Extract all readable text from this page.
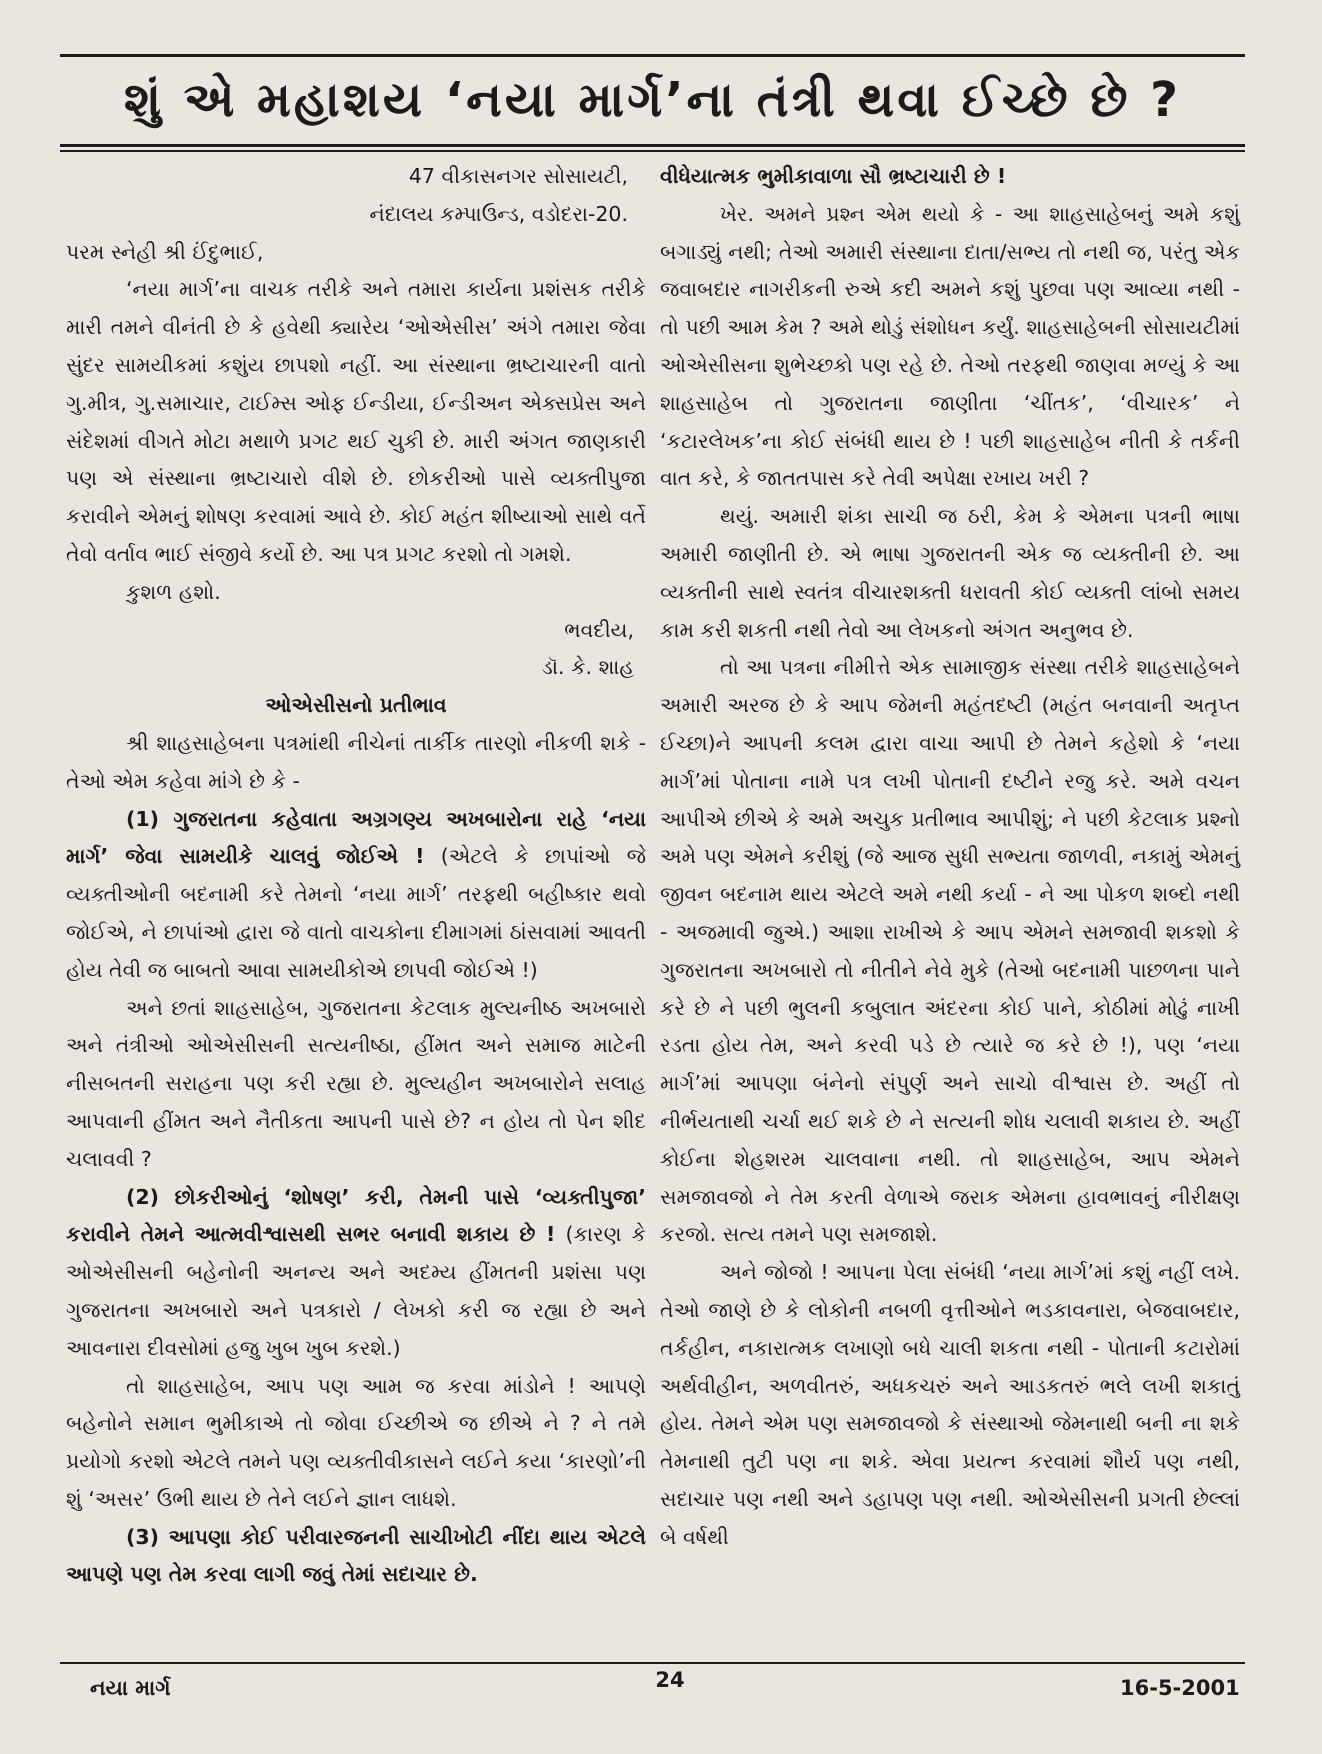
શું એ મહાશય ‘નયા માર્ગ’ના તંત્રી થવા ઈચ્છે છે ?

47 વીકાસનગર સોસાયટી,

નંદાલય કમ્પાઉન્ડ, વડોદરા-20.

પરમ સ્નેહી શ્રી ઈંદુભાઈ,

‘નયા માર્ગ’ના વાચક તરીકે અને તમારા કાર્યના પ્રશંસક તરીકે મારી તમને વીનંતી છે કે હવેથી ક્યારેય ‘ઓએસીસ’ અંગે તમારા જેવા સુંદર સામયીકમાં કશુંય છાપશો નહીં. આ સંસ્થાના ભ્રષ્ટાચારની વાતો ગુ.મીત્ર, ગુ.સમાચાર, ટાઈમ્સ ઓફ ઈન્ડીયા, ઈન્ડીઅન એક્સપ્રેસ અને સંદેશમાં વીગતે મોટા મથાળે પ્રગટ થઈ ચુકી છે. મારી અંગત જાણકારી પણ એ સંસ્થાના ભ્રષ્ટાચારો વીશે છે. છોકરીઓ પાસે વ્યક્તીપુજા કરાવીને એમનું શોષણ કરવામાં આવે છે. કોઈ મહંત શીષ્યાઓ સાથે વર્તે તેવો વર્તાવ ભાઈ સંજીવે કર્યો છે. આ પત્ર પ્રગટ કરશો તો ગમશે.

કુશળ હશો.

ભવદીય,

ડૉ. કે. શાહ

ઓએસીસનો પ્રતીભાવ

શ્રી શાહસાહેબના પત્રમાંથી નીચેનાં તાર્કીક તારણો નીકળી શકે - તેઓ એમ કહેવા માંગે છે કે -

(1) ગુજરાતના કહેવાતા અગ્રગણ્ય અખબારોના રાહે ‘નયા માર્ગ’ જેવા સામયીકે ચાલવું જોઈએ ! (એટલે કે છાપાંઓ જે વ્યક્તીઓની બદનામી કરે તેમનો ‘નયા માર્ગ’ તરફથી બહીષ્કાર થવો જોઈએ, ને છાપાંઓ દ્વારા જે વાતો વાચકોના દીમાગમાં ઠાંસવામાં આવતી હોય તેવી જ બાબતો આવા સામયીકોએ છાપવી જોઈએ !)

અને છતાં શાહસાહેબ, ગુજરાતના કેટલાક મુલ્યનીષ્ઠ અખબારો અને તંત્રીઓ ઓએસીસની સત્યનીષ્ઠા, હીંમત અને સમાજ માટેની નીસબતની સરાહના પણ કરી રહ્યા છે. મુલ્યહીન અખબારોને સલાહ આપવાની હીંમત અને નૈતીકતા આપની પાસે છે? ન હોય તો પેન શીદ ચલાવવી ?

(2) છોકરીઓનું ‘શોષણ’ કરી, તેમની પાસે ‘વ્યક્તીપુજા’ કરાવીને તેમને આત્મવીશ્વાસથી સભર બનાવી શકાય છે ! (કારણ કે ઓએસીસની બહેનોની અનન્ય અને અદમ્ય હીંમતની પ્રશંસા પણ ગુજરાતના અખબારો અને પત્રકારો / લેખકો કરી જ રહ્યા છે અને આવનારા દીવસોમાં હજુ ખુબ ખુબ કરશે.)

તો શાહસાહેબ, આપ પણ આમ જ કરવા માંડોને ! આપણે બહેનોને સમાન ભુમીકાએ તો જોવા ઈચ્છીએ જ છીએ ને ? ને તમે પ્રયોગો કરશો એટલે તમને પણ વ્યક્તીવીકાસને લઈને કયા ‘કારણો’ની શું ‘અસર’ ઉભી થાય છે તેને લઈને જ્ઞાન લાધશે.

(3) આપણા કોઈ પરીવારજનની સાચીખોટી નીંદા થાય એટલે આપણે પણ તેમ કરવા લાગી જવું તેમાં સદાચાર છે.

વીધેયાત્મક ભુમીકાવાળા સૌ ભ્રષ્ટાચારી છે !

ખેર. અમને પ્રશ્ન એમ થયો કે - આ શાહસાહેબનું અમે કશું બગાડ્યું નથી; તેઓ અમારી સંસ્થાના દાતા/સભ્ય તો નથી જ, પરંતુ એક જવાબદાર નાગરીકની રુએ કદી અમને કશું પુછવા પણ આવ્યા નથી - તો પછી આમ કેમ ? અમે થોડું સંશોધન કર્યું. શાહસાહેબની સોસાયટીમાં ઓએસીસના શુભેચ્છકો પણ રહે છે. તેઓ તરફથી જાણવા મળ્યું કે આ શાહસાહેબ તો ગુજરાતના જાણીતા ‘ચીંતક’, ‘વીચારક’ ને ‘કટારલેખક’ના કોઈ સંબંધી થાય છે ! પછી શાહસાહેબ નીતી કે તર્કની વાત કરે, કે જાતતપાસ કરે તેવી અપેક્ષા રખાય ખરી ?

થયું. અમારી શંકા સાચી જ ઠરી, કેમ કે એમના પત્રની ભાષા અમારી જાણીતી છે. એ ભાષા ગુજરાતની એક જ વ્યક્તીની છે. આ વ્યક્તીની સાથે સ્વતંત્ર વીચારશક્તી ધરાવતી કોઈ વ્યક્તી લાંબો સમય કામ કરી શકતી નથી તેવો આ લેખકનો અંગત અનુભવ છે.

તો આ પત્રના નીમીત્તે એક સામાજીક સંસ્થા તરીકે શાહસાહેબને અમારી અરજ છે કે આપ જેમની મહંતદષ્ટી (મહંત બનવાની અતૃપ્ત ઈચ્છા)ને આપની કલમ દ્વારા વાચા આપી છે તેમને કહેશો કે ‘નયા માર્ગ’માં પોતાના નામે પત્ર લખી પોતાની દષ્ટીને રજુ કરે. અમે વચન આપીએ છીએ કે અમે અચુક પ્રતીભાવ આપીશું; ને પછી કેટલાક પ્રશ્નો અમે પણ એમને કરીશું (જે આજ સુધી સભ્યતા જાળવી, નકામું એમનું જીવન બદનામ થાય એટલે અમે નથી કર્યા - ને આ પોકળ શબ્દો નથી - અજમાવી જુએ.) આશા રાખીએ કે આપ એમને સમજાવી શકશો કે ગુજરાતના અખબારો તો નીતીને નેવે મુકે (તેઓ બદનામી પાછળના પાને કરે છે ને પછી ભુલની કબુલાત અંદરના કોઈ પાને, કોઠીમાં મોઢું નાખી રડતા હોય તેમ, અને કરવી પડે છે ત્યારે જ કરે છે !), પણ ‘નયા માર્ગ’માં આપણા બંનેનો સંપુર્ણ અને સાચો વીશ્વાસ છે. અહીં તો નીર્ભયતાથી ચર્ચા થઈ શકે છે ને સત્યની શોધ ચલાવી શકાય છે. અહીં કોઈના શેહશરમ ચાલવાના નથી. તો શાહસાહેબ, આપ એમને સમજાવજો ને તેમ કરતી વેળાએ જરાક એમના હાવભાવનું નીરીક્ષણ કરજો. સત્ય તમને પણ સમજાશે.

અને જોજો ! આપના પેલા સંબંધી ‘નયા માર્ગ’માં કશું નહીં લખે. તેઓ જાણે છે કે લોકોની નબળી વૃત્તીઓને ભડકાવનારા, બેજવાબદાર, તર્કહીન, નકારાત્મક લખાણો બધે ચાલી શકતા નથી - પોતાની કટારોમાં અર્થવીહીન, અળવીતરું, અધકચરું અને આડકતરું ભલે લખી શકાતું હોય. તેમને એમ પણ સમજાવજો કે સંસ્થાઓ જેમનાથી બની ના શકે તેમનાથી તુટી પણ ના શકે. એવા પ્રયત્ન કરવામાં શૌર્ય પણ નથી, સદાચાર પણ નથી અને ડહાપણ પણ નથી. ઓએસીસની પ્રગતી છેલ્લાં બે વર્ષથી

નયા માર્ગ	24	16-5-2001
